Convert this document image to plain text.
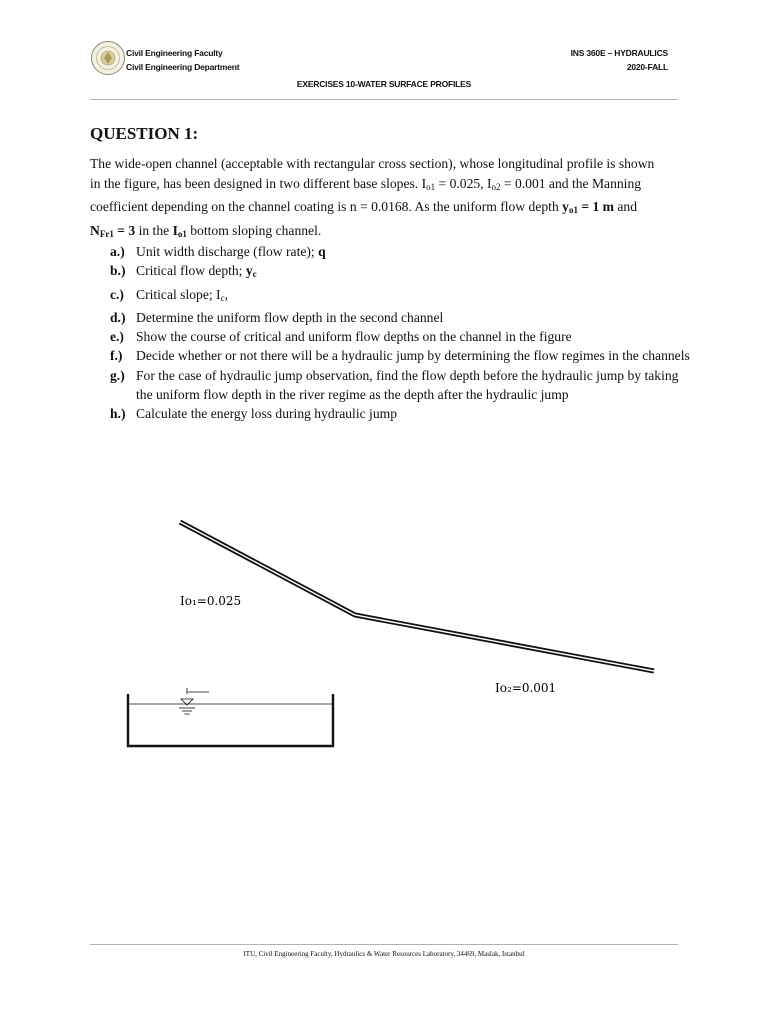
Civil Engineering Faculty
Civil Engineering Department
INS 360E – HYDRAULICS
2020-FALL
EXERCISES 10-WATER SURFACE PROFILES
QUESTION 1:
The wide-open channel (acceptable with rectangular cross section), whose longitudinal profile is shown in the figure, has been designed in two different base slopes. $I_{o1} = 0.025$, $I_{o2} = 0.001$ and the Manning coefficient depending on the channel coating is n = 0.0168. As the uniform flow depth $y_{o1} = 1$ m and $N_{Fr1} = 3$ in the $I_{o1}$ bottom sloping channel.
a.) Unit width discharge (flow rate); q
b.) Critical flow depth; $y_c$
c.) Critical slope; $I_c$,
d.) Determine the uniform flow depth in the second channel
e.) Show the course of critical and uniform flow depths on the channel in the figure
f.) Decide whether or not there will be a hydraulic jump by determining the flow regimes in the channels
g.) For the case of hydraulic jump observation, find the flow depth before the hydraulic jump by taking the uniform flow depth in the river regime as the depth after the hydraulic jump
h.) Calculate the energy loss during hydraulic jump
Io₁=0.025
Io₂=0.001
ITU, Civil Engineering Faculty, Hydraulics & Water Resources Laboratory, 34469, Maslak, Istanbul
